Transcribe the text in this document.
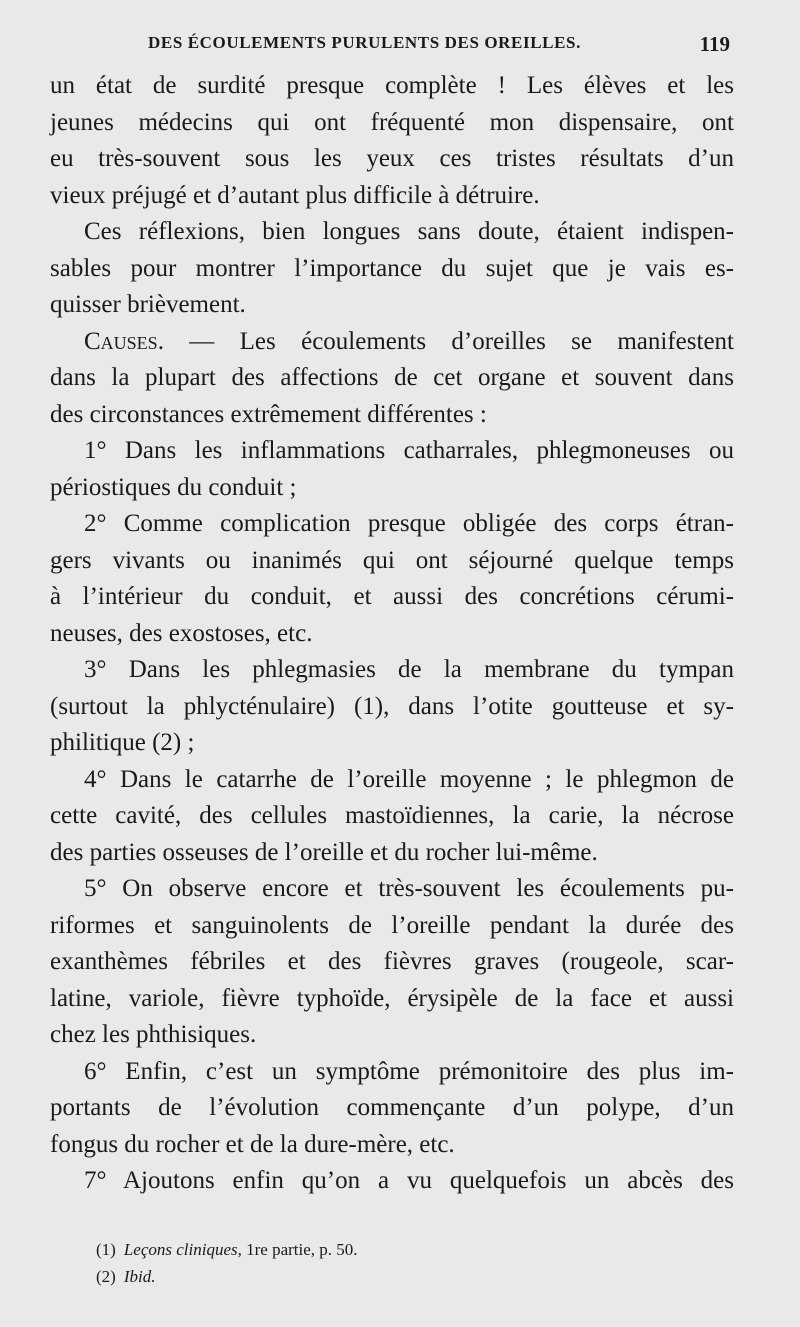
DES ÉCOULEMENTS PURULENTS DES OREILLES.	119
un état de surdité presque complète ! Les élèves et les
jeunes médecins qui ont fréquenté mon dispensaire, ont
eu très-souvent sous les yeux ces tristes résultats d’un
vieux préjugé et d’autant plus difficile à détruire.
Ces réflexions, bien longues sans doute, étaient indispen-
sables pour montrer l’importance du sujet que je vais es-
quisser brièvement.
Causes. — Les écoulements d’oreilles se manifestent
dans la plupart des affections de cet organe et souvent dans
des circonstances extrêmement différentes :
1° Dans les inflammations catharrales, phlegmoneuses ou
périostiques du conduit ;
2° Comme complication presque obligée des corps étran-
gers vivants ou inanimés qui ont séjourné quelque temps
à l’intérieur du conduit, et aussi des concrétions cérumi-
neuses, des exostoses, etc.
3° Dans les phlegmasies de la membrane du tympan
(surtout la phlycténulaire) (1), dans l’otite goutteuse et sy-
philitique (2) ;
4° Dans le catarrhe de l’oreille moyenne ; le phlegmon de
cette cavité, des cellules mastoïdiennes, la carie, la nécrose
des parties osseuses de l’oreille et du rocher lui-même.
5° On observe encore et très-souvent les écoulements pu-
riformes et sanguinolents de l’oreille pendant la durée des
exanthèmes fébriles et des fièvres graves (rougeole, scar-
latine, variole, fièvre typhoïde, érysipèle de la face et aussi
chez les phthisiques.
6° Enfin, c’est un symptôme prémonitoire des plus im-
portants de l’évolution commençante d’un polype, d’un
fongus du rocher et de la dure-mère, etc.
7° Ajoutons enfin qu’on a vu quelquefois un abcès des
(1) Leçons cliniques, 1re partie, p. 50.
(2) Ibid.
